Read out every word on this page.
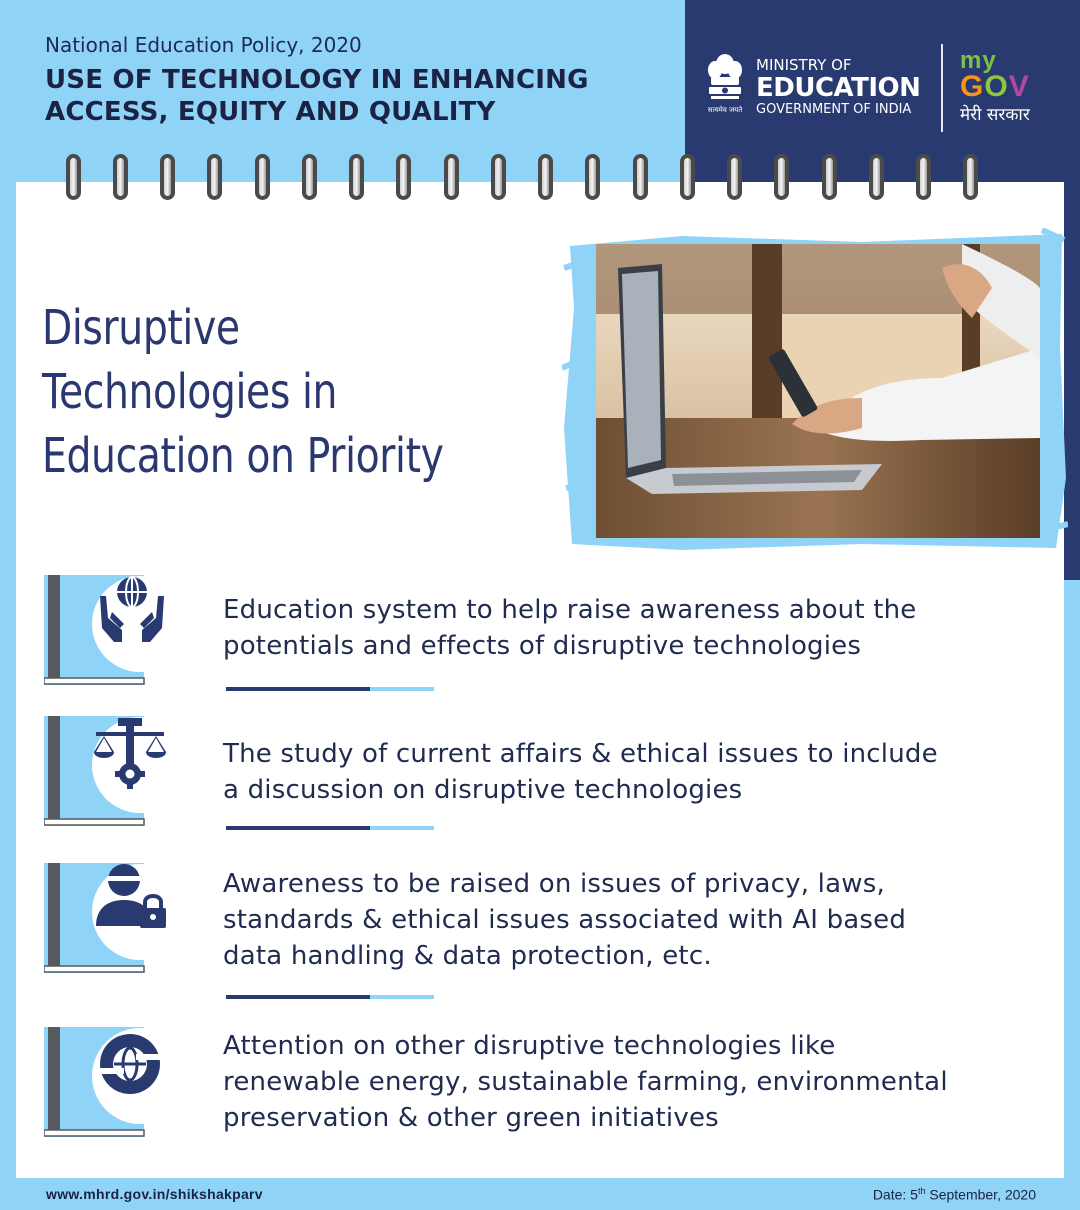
National Education Policy, 2020
USE OF TECHNOLOGY IN ENHANCING
ACCESS, EQUITY AND QUALITY	सत्यमेव जयते
MINISTRY OF
EDUCATION
GOVERNMENT OF INDIA
my
GOV
मेरी सरकार
Disruptive
Technologies in
Education on Priority
Education system to help raise awareness about the
potentials and effects of disruptive technologies
The study of current affairs & ethical issues to include
a discussion on disruptive technologies
Awareness to be raised on issues of privacy, laws,
standards & ethical issues associated with AI based
data handling & data protection, etc.
Attention on other disruptive technologies like
renewable energy, sustainable farming, environmental
preservation & other green initiatives
www.mhrd.gov.in/shikshakparv	Date: 5th September, 2020
